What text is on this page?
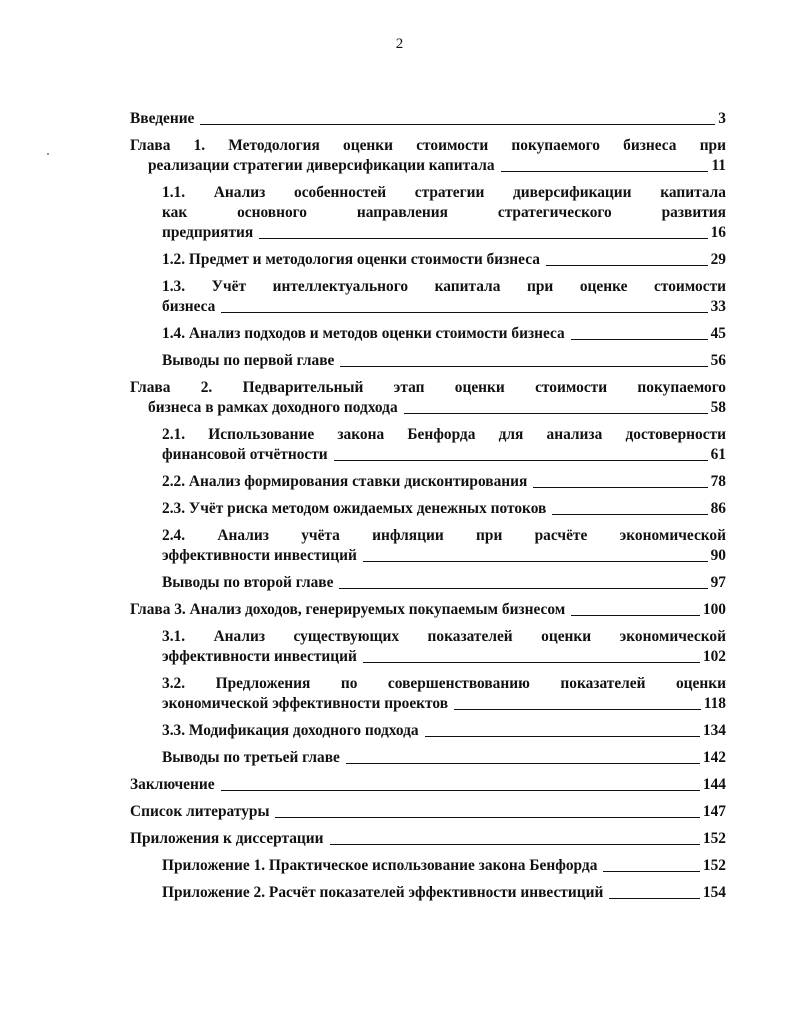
2
Введение	3
Глава 1. Методология оценки стоимости покупаемого бизнеса при
реализации стратегии диверсификации капитала	11
1.1. Анализ особенностей стратегии диверсификации капитала
как основного направления стратегического развития
предприятия	16
1.2. Предмет и методология оценки стоимости бизнеса	29
1.3. Учёт интеллектуального капитала при оценке стоимости
бизнеса	33
1.4. Анализ подходов и методов оценки стоимости бизнеса	45
Выводы по первой главе	56
Глава 2. Педварительный этап оценки стоимости покупаемого
бизнеса в рамках доходного подхода	58
2.1. Использование закона Бенфорда для анализа достоверности
финансовой отчётности	61
2.2. Анализ формирования ставки дисконтирования	78
2.3. Учёт риска методом ожидаемых денежных потоков	86
2.4. Анализ учёта инфляции при расчёте экономической
эффективности инвестиций	90
Выводы по второй главе	97
Глава 3. Анализ доходов, генерируемых покупаемым бизнесом	100
3.1. Анализ существующих показателей оценки экономической
эффективности инвестиций	102
3.2. Предложения по совершенствованию показателей оценки
экономической эффективности проектов	118
3.3. Модификация доходного подхода	134
Выводы по третьей главе	142
Заключение	144
Список литературы	147
Приложения к диссертации	152
Приложение 1. Практическое использование закона Бенфорда	152
Приложение 2. Расчёт показателей эффективности инвестиций	154
